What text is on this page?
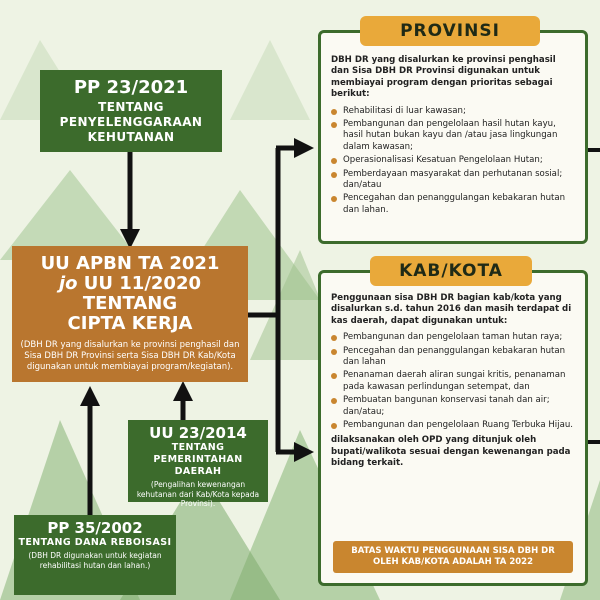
PP 23/2021
TENTANG PENYELENGGARAAN KEHUTANAN
UU APBN TA 2021
jo UU 11/2020 TENTANG
CIPTA KERJA
(DBH DR yang disalurkan ke provinsi penghasil dan Sisa DBH DR Provinsi serta Sisa DBH DR Kab/Kota digunakan untuk membiayai program/kegiatan).
UU 23/2014
TENTANG PEMERINTAHAN DAERAH
(Pengalihan kewenangan kehutanan dari Kab/Kota kepada Provinsi).
PP 35/2002
TENTANG DANA REBOISASI
(DBH DR digunakan untuk kegiatan rehabilitasi hutan dan lahan.)
DBH DR yang disalurkan ke provinsi penghasil dan Sisa DBH DR Provinsi digunakan untuk membiayai program dengan prioritas sebagai berikut:
Rehabilitasi di luar kawasan;
Pembangunan dan pengelolaan hasil hutan kayu, hasil hutan bukan kayu dan /atau jasa lingkungan dalam kawasan;
Operasionalisasi Kesatuan Pengelolaan Hutan;
Pemberdayaan masyarakat dan perhutanan sosial; dan/atau
Pencegahan dan penanggulangan kebakaran hutan dan lahan.
PROVINSI
Penggunaan sisa DBH DR bagian kab/kota yang disalurkan s.d. tahun 2016 dan masih terdapat di kas daerah, dapat digunakan untuk:
Pembangunan dan pengelolaan taman hutan raya;
Pencegahan dan penanggulangan kebakaran hutan dan lahan
Penanaman daerah aliran sungai kritis, penanaman pada kawasan perlindungan setempat, dan
Pembuatan bangunan konservasi tanah dan air; dan/atau;
Pembangunan dan pengelolaan Ruang Terbuka Hijau.
dilaksanakan oleh OPD yang ditunjuk oleh bupati/walikota sesuai dengan kewenangan pada bidang terkait.
BATAS WAKTU PENGGUNAAN SISA DBH DR OLEH KAB/KOTA ADALAH TA 2022
KAB/KOTA
